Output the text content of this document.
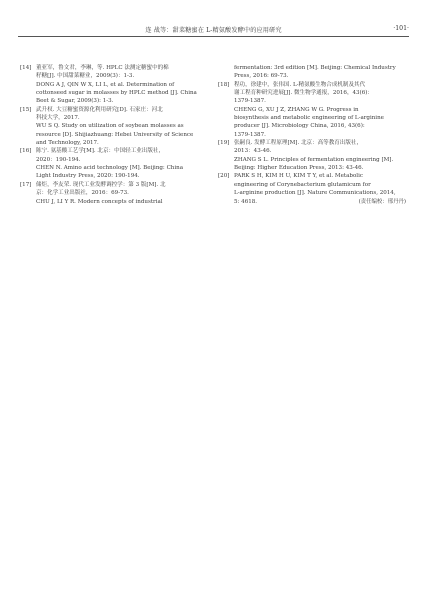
连 战等：甜菜糖蜜在 L-精氨酸发酵中的应用研究	·101·
[14] 董亚军，鲁文君，李琳，等. HPLC 法测定糖蜜中的棉
籽糖[J]. 中国甜菜糖业，2009(3)：1-3.
DONG A J, QIN W X, LI L, et al. Determination of
cottonseed sugar in molasses by HPLC method [J]. China
Beet & Sugar, 2009(3): 1-3.
[15] 武升权. 大豆糖蜜资源化利用研究[D]. 石家庄：河北
科技大学，2017.
WU S Q. Study on utilization of soybean molasses as
resource [D]. Shijiazhuang: Hebei University of Science
and Technology, 2017.
[16] 陈宁. 氨基酸工艺学[M]. 北京：中国轻工业出版社，
2020：190-194.
CHEN N. Amino acid technology [M]. Beijing: China
Light Industry Press, 2020: 190-194.
[17] 储炬，李友荣. 现代工业发酵调控学：第 3 版[M]. 北
京：化学工业出版社，2016：69-73.
CHU J, LI Y R. Modern concepts of industrial
fermentation: 3rd edition [M]. Beijing: Chemical Industry
Press, 2016: 69-73.
[18] 程功，徐建中，张伟国. L-精氨酸生物合成机制及其代
谢工程育种研究进展[J]. 微生物学通报，2016，43(6)：
1379-1387.
CHENG G, XU J Z, ZHANG W G. Progress in
biosynthesis and metabolic engineering of L-arginine
producer [J]. Microbiology China, 2016, 43(6):
1379-1387.
[19] 张嗣良. 发酵工程原理[M]. 北京：高等教育出版社，
2013：43-46.
ZHANG S L. Principles of fermentation engineering [M].
Beijing: Higher Education Press, 2013: 43-46.
[20] PARK S H, KIM H U, KIM T Y, et al. Metabolic
engineering of Corynebacterium glutamicum for
L-arginine production [J]. Nature Communications, 2014,
5: 4618.	(责任编校：邢丹丹)
